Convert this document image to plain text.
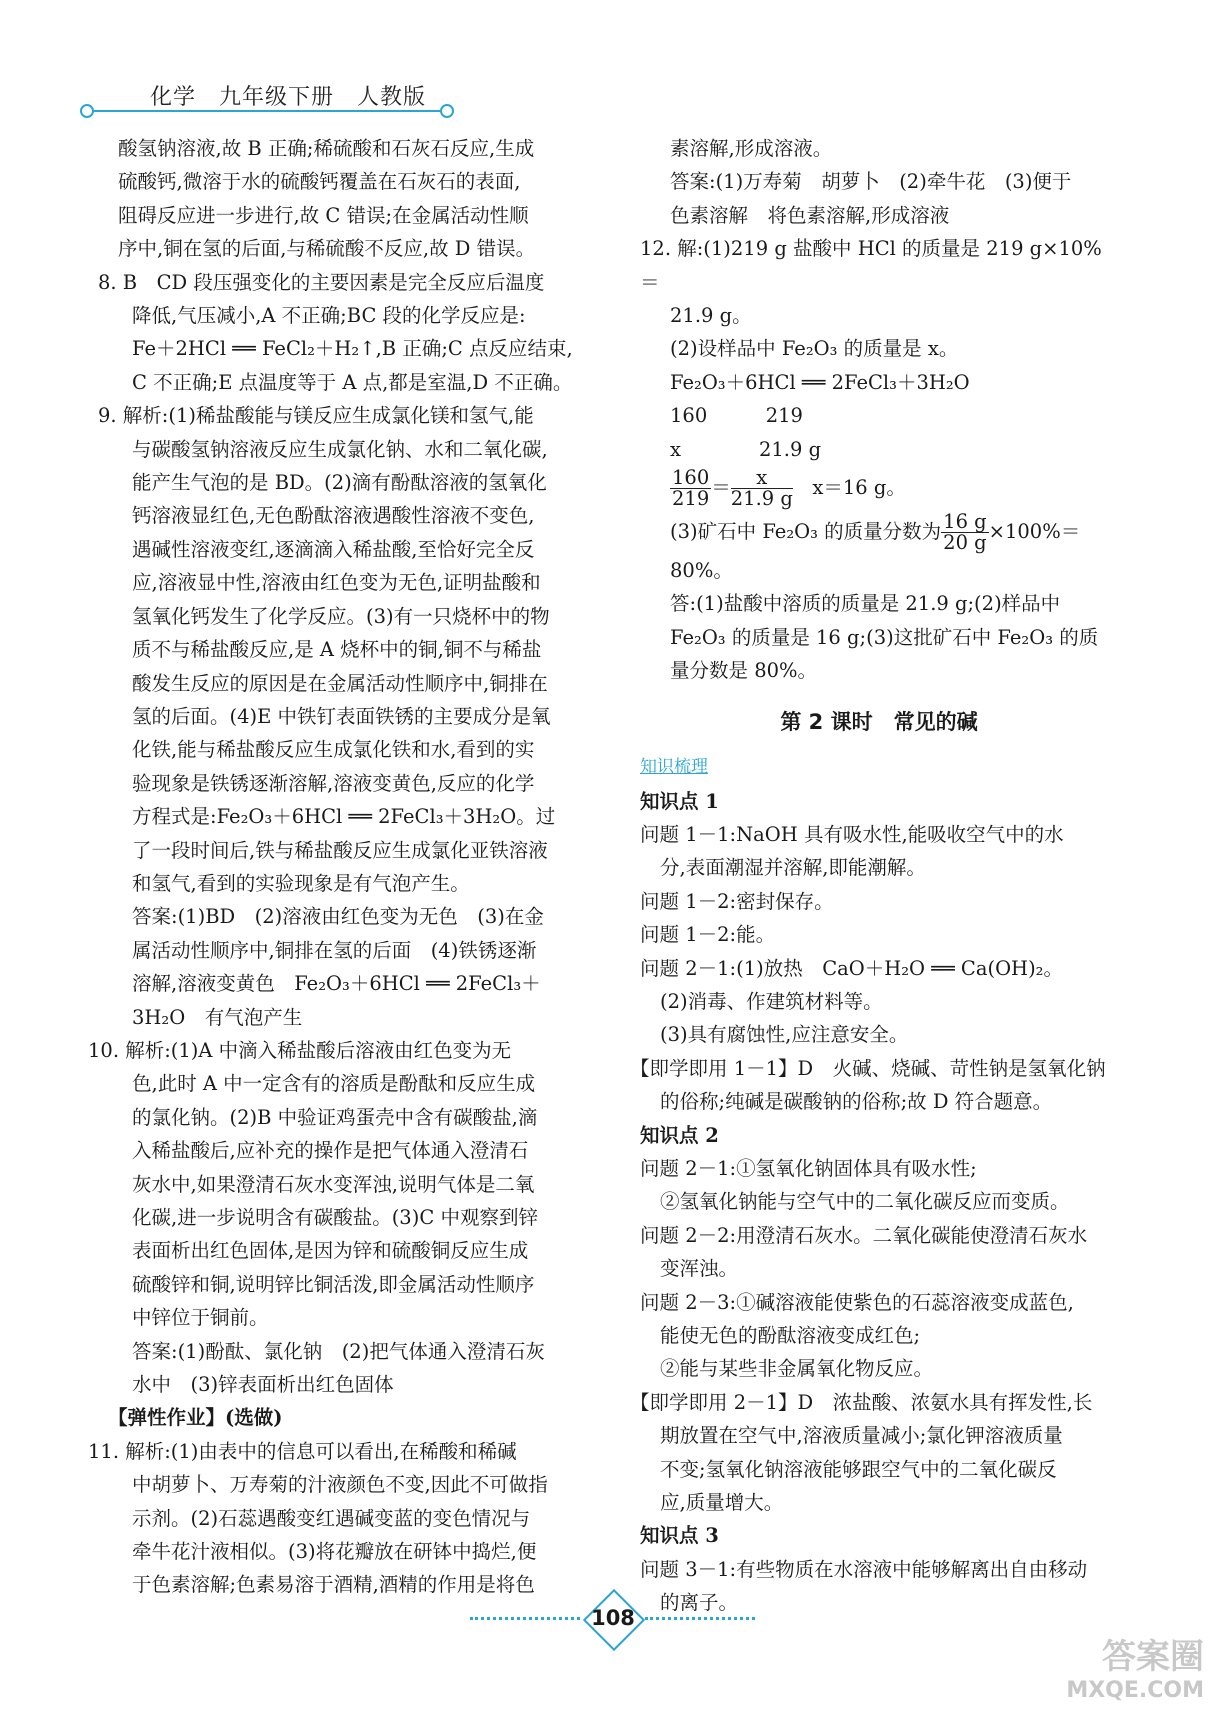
化学　九年级下册　人教版

酸氢钠溶液,故 B 正确;稀硫酸和石灰石反应,生成

硫酸钙,微溶于水的硫酸钙覆盖在石灰石的表面,

阻碍反应进一步进行,故 C 错误;在金属活动性顺

序中,铜在氢的后面,与稀硫酸不反应,故 D 错误。

8. B　CD 段压强变化的主要因素是完全反应后温度

降低,气压减小,A 不正确;BC 段的化学反应是:

Fe＋2HCl ══ FeCl₂＋H₂↑,B 正确;C 点反应结束,

C 不正确;E 点温度等于 A 点,都是室温,D 不正确。

9. 解析:(1)稀盐酸能与镁反应生成氯化镁和氢气,能

与碳酸氢钠溶液反应生成氯化钠、水和二氧化碳,

能产生气泡的是 BD。(2)滴有酚酞溶液的氢氧化

钙溶液显红色,无色酚酞溶液遇酸性溶液不变色,

遇碱性溶液变红,逐滴滴入稀盐酸,至恰好完全反

应,溶液显中性,溶液由红色变为无色,证明盐酸和

氢氧化钙发生了化学反应。(3)有一只烧杯中的物

质不与稀盐酸反应,是 A 烧杯中的铜,铜不与稀盐

酸发生反应的原因是在金属活动性顺序中,铜排在

氢的后面。(4)E 中铁钉表面铁锈的主要成分是氧

化铁,能与稀盐酸反应生成氯化铁和水,看到的实

验现象是铁锈逐渐溶解,溶液变黄色,反应的化学

方程式是:Fe₂O₃＋6HCl ══ 2FeCl₃＋3H₂O。过

了一段时间后,铁与稀盐酸反应生成氯化亚铁溶液

和氢气,看到的实验现象是有气泡产生。

答案:(1)BD　(2)溶液由红色变为无色　(3)在金

属活动性顺序中,铜排在氢的后面　(4)铁锈逐渐

溶解,溶液变黄色　Fe₂O₃＋6HCl ══ 2FeCl₃＋

3H₂O　有气泡产生

10. 解析:(1)A 中滴入稀盐酸后溶液由红色变为无

色,此时 A 中一定含有的溶质是酚酞和反应生成

的氯化钠。(2)B 中验证鸡蛋壳中含有碳酸盐,滴

入稀盐酸后,应补充的操作是把气体通入澄清石

灰水中,如果澄清石灰水变浑浊,说明气体是二氧

化碳,进一步说明含有碳酸盐。(3)C 中观察到锌

表面析出红色固体,是因为锌和硫酸铜反应生成

硫酸锌和铜,说明锌比铜活泼,即金属活动性顺序

中锌位于铜前。

答案:(1)酚酞、氯化钠　(2)把气体通入澄清石灰

水中　(3)锌表面析出红色固体

【弹性作业】(选做)

11. 解析:(1)由表中的信息可以看出,在稀酸和稀碱

中胡萝卜、万寿菊的汁液颜色不变,因此不可做指

示剂。(2)石蕊遇酸变红遇碱变蓝的变色情况与

牵牛花汁液相似。(3)将花瓣放在研钵中捣烂,便

于色素溶解;色素易溶于酒精,酒精的作用是将色

素溶解,形成溶液。

答案:(1)万寿菊　胡萝卜　(2)牵牛花　(3)便于

色素溶解　将色素溶解,形成溶液

12. 解:(1)219 g 盐酸中 HCl 的质量是 219 g×10%＝

21.9 g。

(2)设样品中 Fe₂O₃ 的质量是 x。

Fe₂O₃＋6HCl ══ 2FeCl₃＋3H₂O

160　　　219

x　　　　21.9 g

$\frac{160}{219} = \frac{x}{21.9 g}$ 　x＝16 g。

(3)矿石中 Fe₂O₃ 的质量分数为 $\frac{16 g}{20 g} \times 100\%=$

80%。

答:(1)盐酸中溶质的质量是 21.9 g;(2)样品中

Fe₂O₃ 的质量是 16 g;(3)这批矿石中 Fe₂O₃ 的质

量分数是 80%。

第 2 课时　常见的碱

知识梳理

知识点 1

问题 1－1:NaOH 具有吸水性,能吸收空气中的水

分,表面潮湿并溶解,即能潮解。

问题 1－2:密封保存。

问题 1－2:能。

问题 2－1:(1)放热　CaO＋H₂O ══ Ca(OH)₂。

(2)消毒、作建筑材料等。

(3)具有腐蚀性,应注意安全。

【即学即用 1－1】D　火碱、烧碱、苛性钠是氢氧化钠

的俗称;纯碱是碳酸钠的俗称;故 D 符合题意。

知识点 2

问题 2－1:①氢氧化钠固体具有吸水性;

②氢氧化钠能与空气中的二氧化碳反应而变质。

问题 2－2:用澄清石灰水。二氧化碳能使澄清石灰水

变浑浊。

问题 2－3:①碱溶液能使紫色的石蕊溶液变成蓝色,

能使无色的酚酞溶液变成红色;

②能与某些非金属氧化物反应。

【即学即用 2－1】D　浓盐酸、浓氨水具有挥发性,长

期放置在空气中,溶液质量减小;氯化钾溶液质量

不变;氢氧化钠溶液能够跟空气中的二氧化碳反

应,质量增大。

知识点 3

问题 3－1:有些物质在水溶液中能够解离出自由移动

的离子。

108
答案圈
MXQE.COM
